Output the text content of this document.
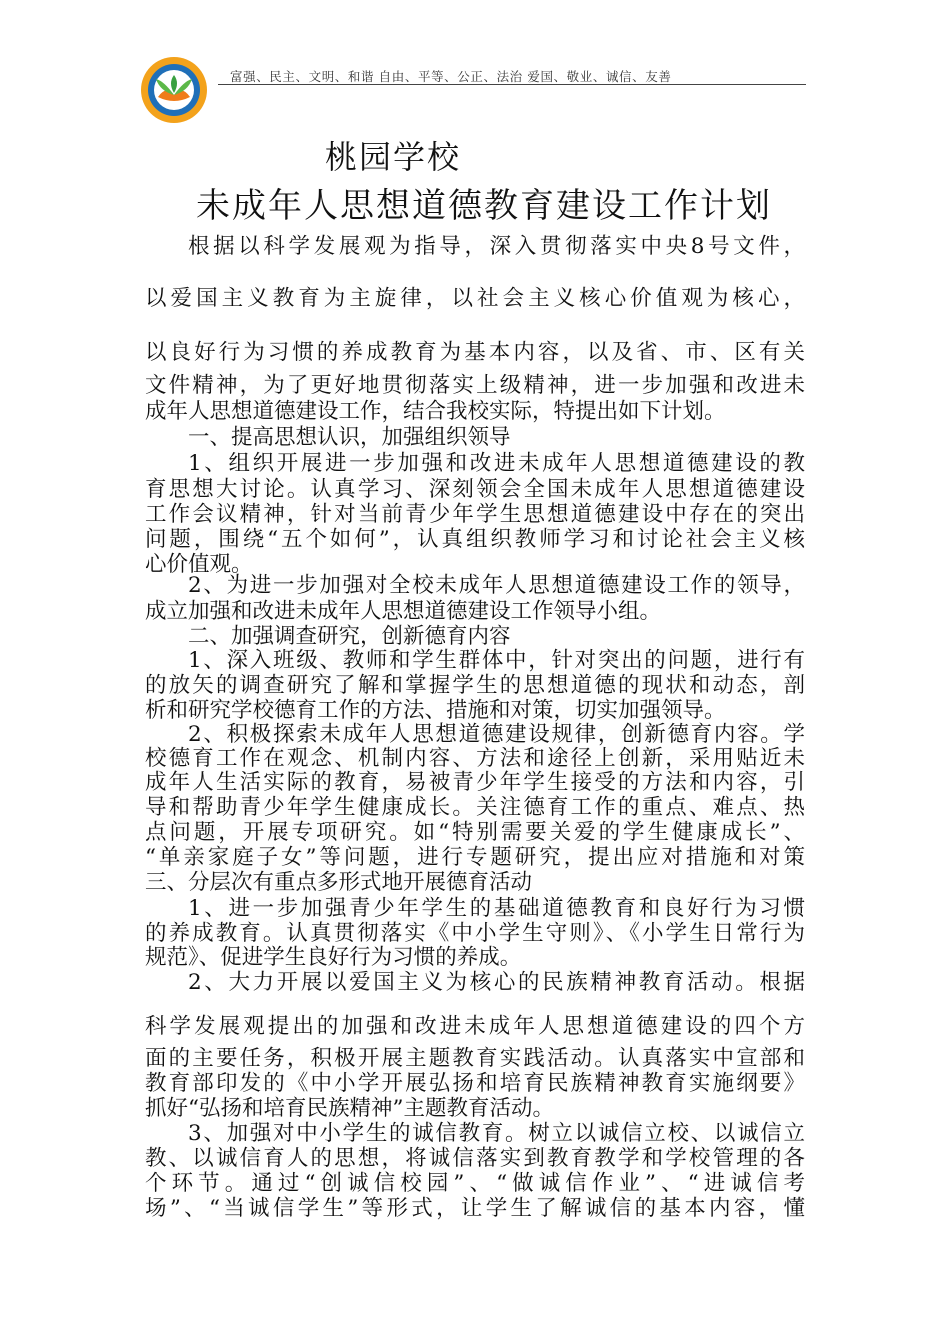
富强、民主、文明、和谐 自由、平等、公正、法治 爱国、敬业、诚信、友善
桃园学校
未成年人思想道德教育建设工作计划
根据以科学发展观为指导，深入贯彻落实中央8号文件，
以爱国主义教育为主旋律，以社会主义核心价值观为核心，
以良好行为习惯的养成教育为基本内容，以及省、市、区有关
文件精神，为了更好地贯彻落实上级精神，进一步加强和改进未
成年人思想道德建设工作，结合我校实际，特提出如下计划。
一、提高思想认识，加强组织领导
1、组织开展进一步加强和改进未成年人思想道德建设的教
育思想大讨论。认真学习、深刻领会全国未成年人思想道德建设
工作会议精神，针对当前青少年学生思想道德建设中存在的突出
问题，围绕“五个如何”，认真组织教师学习和讨论社会主义核
心价值观。
2、为进一步加强对全校未成年人思想道德建设工作的领导，
成立加强和改进未成年人思想道德建设工作领导小组。
二、加强调查研究，创新德育内容
1、深入班级、教师和学生群体中，针对突出的问题，进行有
的放矢的调查研究了解和掌握学生的思想道德的现状和动态，剖
析和研究学校德育工作的方法、措施和对策，切实加强领导。
2、积极探索未成年人思想道德建设规律，创新德育内容。学
校德育工作在观念、机制内容、方法和途径上创新，采用贴近未
成年人生活实际的教育，易被青少年学生接受的方法和内容，引
导和帮助青少年学生健康成长。关注德育工作的重点、难点、热
点问题，开展专项研究。如“特别需要关爱的学生健康成长”、
“单亲家庭子女”等问题，进行专题研究，提出应对措施和对策
三、分层次有重点多形式地开展德育活动
1、进一步加强青少年学生的基础道德教育和良好行为习惯
的养成教育。认真贯彻落实《中小学生守则》、《小学生日常行为
规范》、促进学生良好行为习惯的养成。
2、大力开展以爱国主义为核心的民族精神教育活动。根据
科学发展观提出的加强和改进未成年人思想道德建设的四个方
面的主要任务，积极开展主题教育实践活动。认真落实中宣部和
教育部印发的《中小学开展弘扬和培育民族精神教育实施纲要》
抓好“弘扬和培育民族精神”主题教育活动。
3、加强对中小学生的诚信教育。树立以诚信立校、以诚信立
教、以诚信育人的思想，将诚信落实到教育教学和学校管理的各
个环节。通过“创诚信校园”、“做诚信作业”、“进诚信考
场”、“当诚信学生”等形式，让学生了解诚信的基本内容，懂
